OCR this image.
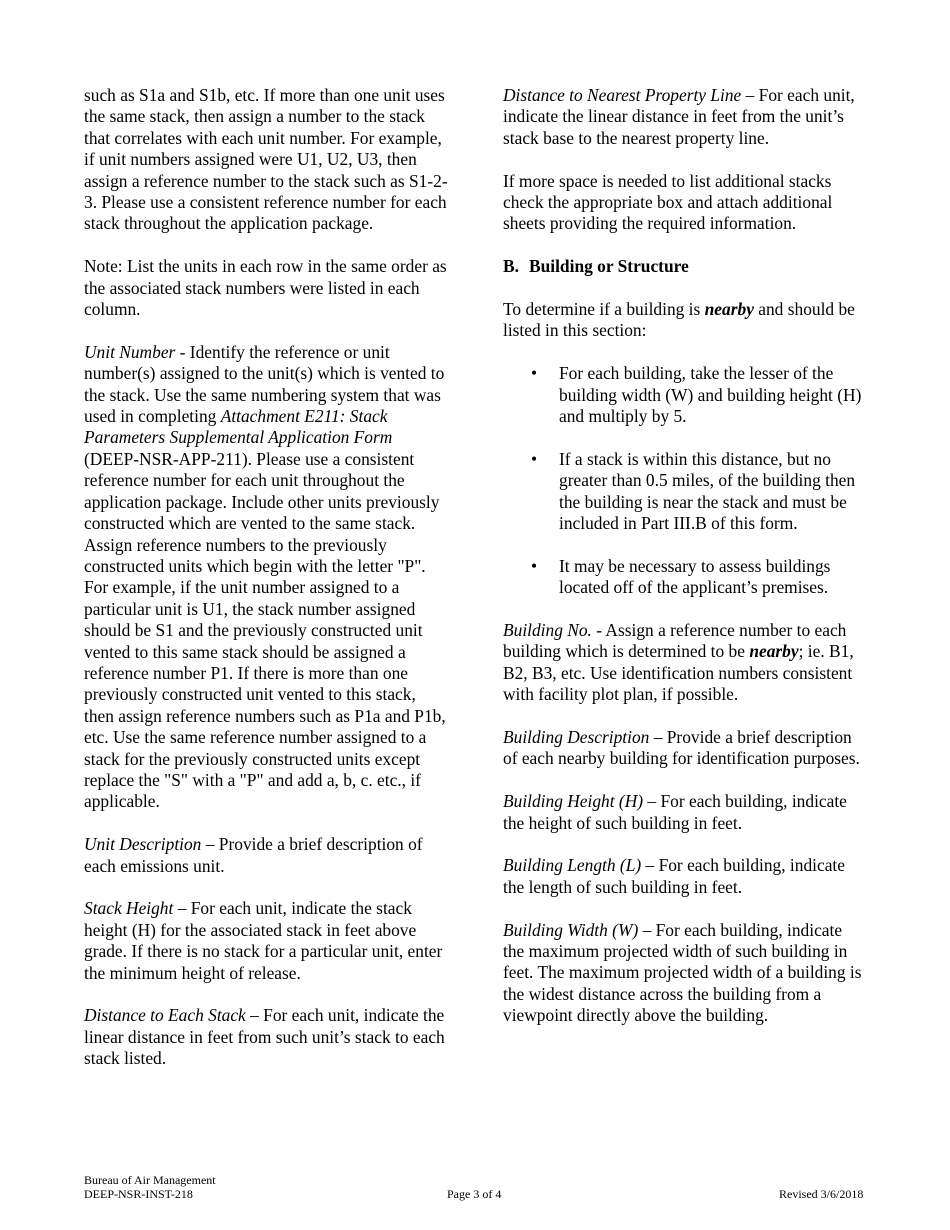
such as S1a and S1b, etc. If more than one unit uses the same stack, then assign a number to the stack that correlates with each unit number. For example, if unit numbers assigned were U1, U2, U3, then assign a reference number to the stack such as S1-2-3. Please use a consistent reference number for each stack throughout the application package.

Note: List the units in each row in the same order as the associated stack numbers were listed in each column.

Unit Number - Identify the reference or unit number(s) assigned to the unit(s) which is vented to the stack. Use the same numbering system that was used in completing Attachment E211: Stack Parameters Supplemental Application Form (DEEP-NSR-APP-211). Please use a consistent reference number for each unit throughout the application package. Include other units previously constructed which are vented to the same stack. Assign reference numbers to the previously constructed units which begin with the letter "P". For example, if the unit number assigned to a particular unit is U1, the stack number assigned should be S1 and the previously constructed unit vented to this same stack should be assigned a reference number P1. If there is more than one previously constructed unit vented to this stack, then assign reference numbers such as P1a and P1b, etc. Use the same reference number assigned to a stack for the previously constructed units except replace the "S" with a "P" and add a, b, c. etc., if applicable.

Unit Description – Provide a brief description of each emissions unit.

Stack Height – For each unit, indicate the stack height (H) for the associated stack in feet above grade. If there is no stack for a particular unit, enter the minimum height of release.

Distance to Each Stack – For each unit, indicate the linear distance in feet from such unit’s stack to each stack listed.

Distance to Nearest Property Line – For each unit, indicate the linear distance in feet from the unit’s stack base to the nearest property line.

If more space is needed to list additional stacks check the appropriate box and attach additional sheets providing the required information.

B. Building or Structure

To determine if a building is nearby and should be listed in this section:

• For each building, take the lesser of the building width (W) and building height (H) and multiply by 5.
• If a stack is within this distance, but no greater than 0.5 miles, of the building then the building is near the stack and must be included in Part III.B of this form.
• It may be necessary to assess buildings located off of the applicant’s premises.

Building No. - Assign a reference number to each building which is determined to be nearby; ie. B1, B2, B3, etc. Use identification numbers consistent with facility plot plan, if possible.

Building Description – Provide a brief description of each nearby building for identification purposes.

Building Height (H) – For each building, indicate the height of such building in feet.

Building Length (L) – For each building, indicate the length of such building in feet.

Building Width (W) – For each building, indicate the maximum projected width of such building in feet. The maximum projected width of a building is the widest distance across the building from a viewpoint directly above the building.

Bureau of Air Management
DEEP-NSR-INST-218	Page 3 of 4	Revised 3/6/2018
